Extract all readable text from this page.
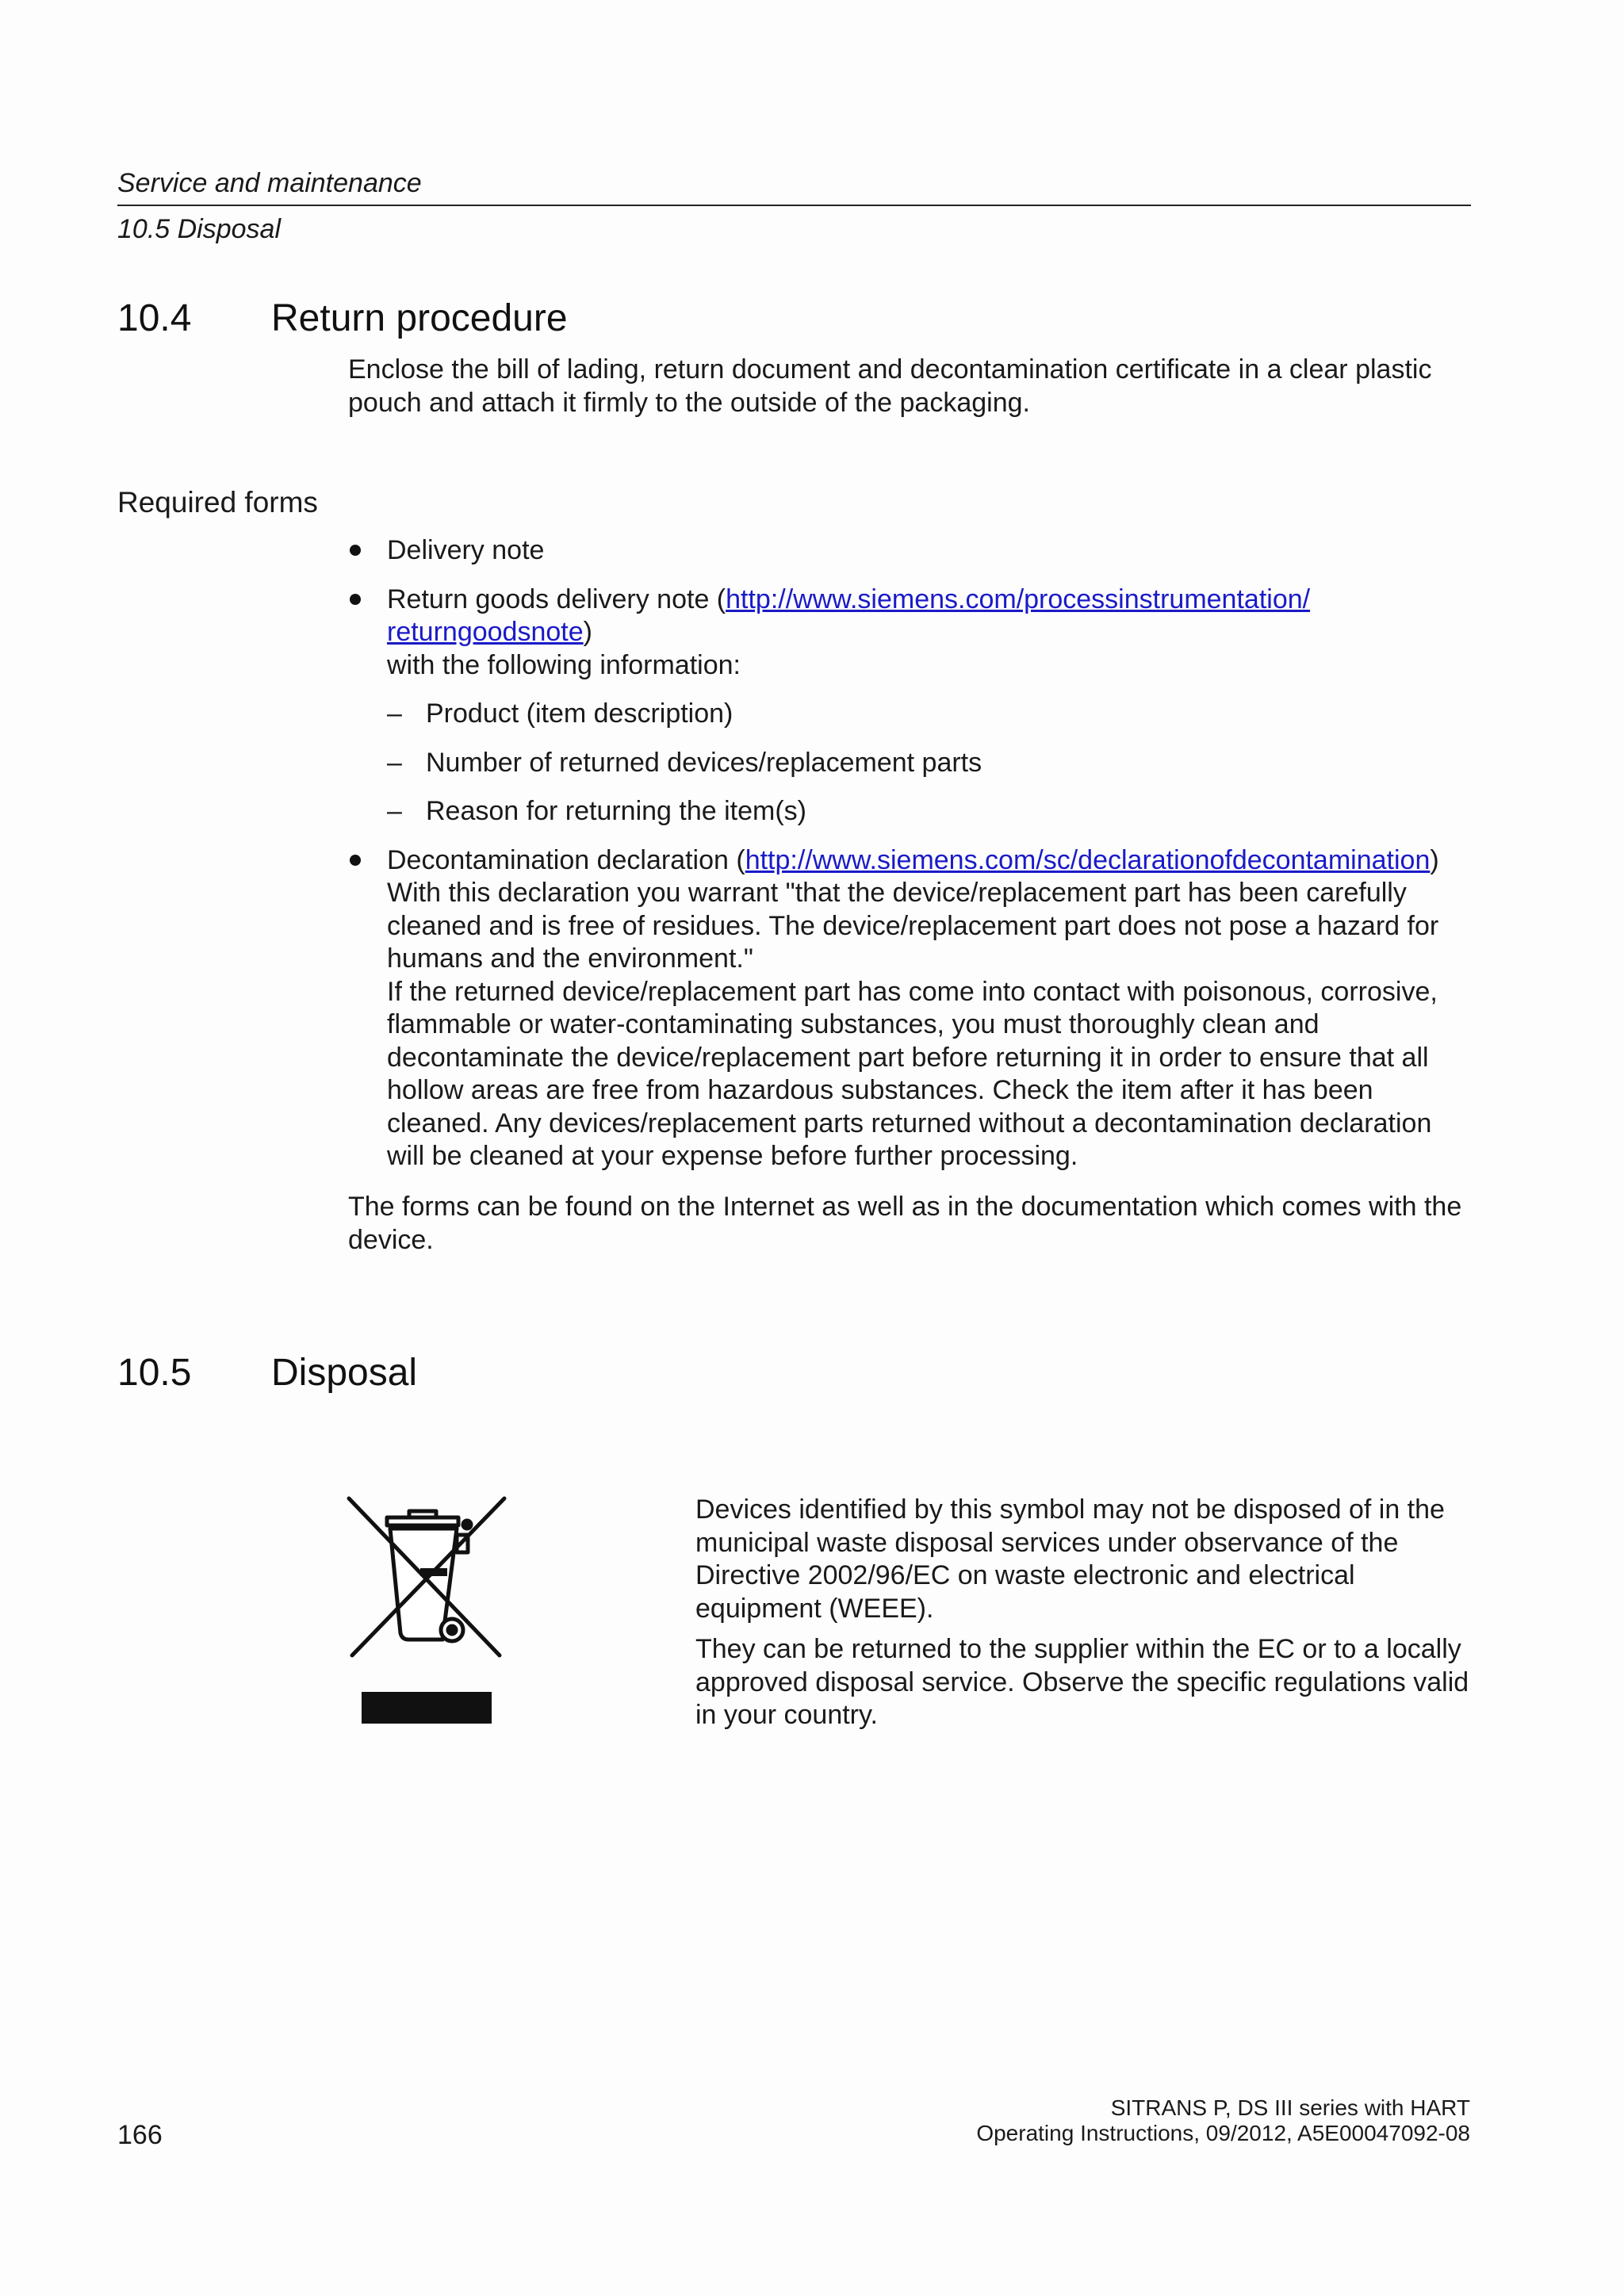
Service and maintenance
10.5 Disposal
10.4 Return procedure
Enclose the bill of lading, return document and decontamination certificate in a clear plastic pouch and attach it firmly to the outside of the packaging.
Required forms
Delivery note
Return goods delivery note (http://www.siemens.com/processinstrumentation/
returngoodsnote)
with the following information:
– Product (item description)
– Number of returned devices/replacement parts
– Reason for returning the item(s)
Decontamination declaration (http://www.siemens.com/sc/declarationofdecontamination)
With this declaration you warrant "that the device/replacement part has been carefully cleaned and is free of residues. The device/replacement part does not pose a hazard for humans and the environment."
If the returned device/replacement part has come into contact with poisonous, corrosive, flammable or water-contaminating substances, you must thoroughly clean and decontaminate the device/replacement part before returning it in order to ensure that all hollow areas are free from hazardous substances. Check the item after it has been cleaned. Any devices/replacement parts returned without a decontamination declaration will be cleaned at your expense before further processing.
The forms can be found on the Internet as well as in the documentation which comes with the device.
10.5 Disposal
Devices identified by this symbol may not be disposed of in the municipal waste disposal services under observance of the Directive 2002/96/EC on waste electronic and electrical equipment (WEEE).
They can be returned to the supplier within the EC or to a locally approved disposal service. Observe the specific regulations valid in your country.
166
SITRANS P, DS III series with HART
Operating Instructions, 09/2012, A5E00047092-08
